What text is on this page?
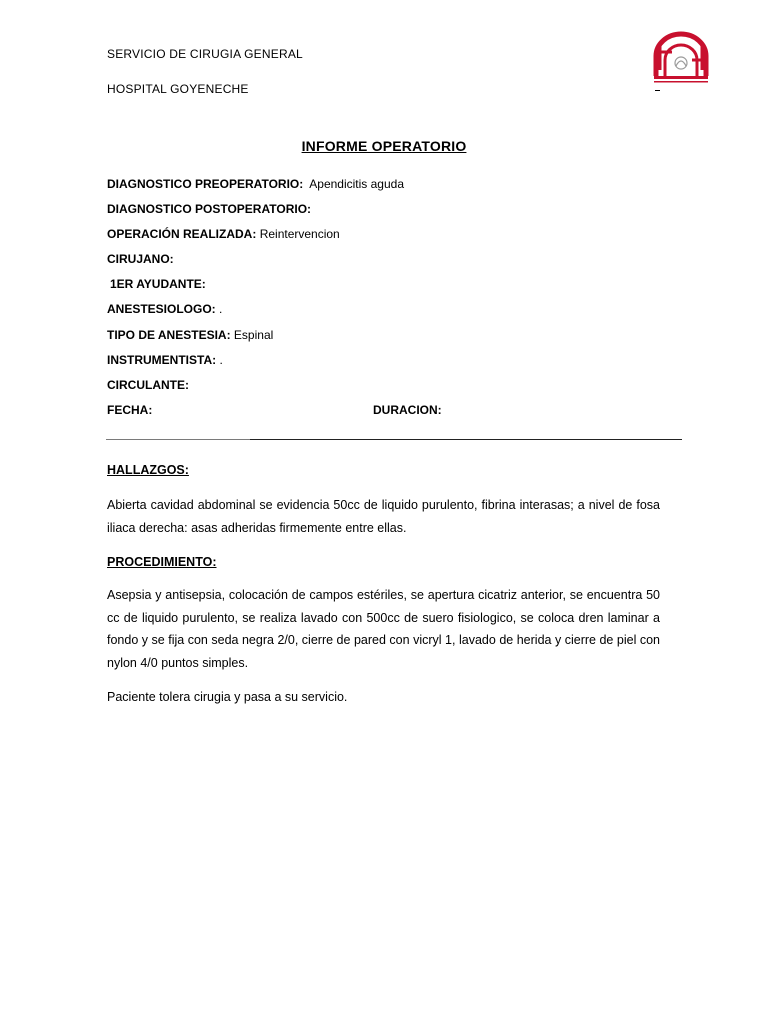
SERVICIO DE CIRUGIA GENERAL
HOSPITAL GOYENECHE
INFORME OPERATORIO
DIAGNOSTICO PREOPERATORIO: Apendicitis aguda
DIAGNOSTICO POSTOPERATORIO:
OPERACIÓN REALIZADA: Reintervencion
CIRUJANO:
1ER AYUDANTE:
ANESTESIOLOGO: .
TIPO DE ANESTESIA: Espinal
INSTRUMENTISTA: .
CIRCULANTE:
FECHA:	DURACION:
HALLAZGOS:
Abierta cavidad abdominal se evidencia 50cc de liquido purulento, fibrina interasas; a nivel de fosa iliaca derecha: asas adheridas firmemente entre ellas.
PROCEDIMIENTO:
Asepsia y antisepsia, colocación de campos estériles, se apertura cicatriz anterior, se encuentra 50 cc de liquido purulento, se realiza lavado con 500cc de suero fisiologico, se coloca dren laminar a fondo y se fija con seda negra 2/0, cierre de pared con vicryl 1, lavado de herida y cierre de piel con nylon 4/0 puntos simples.
Paciente tolera cirugia y pasa a su servicio.
